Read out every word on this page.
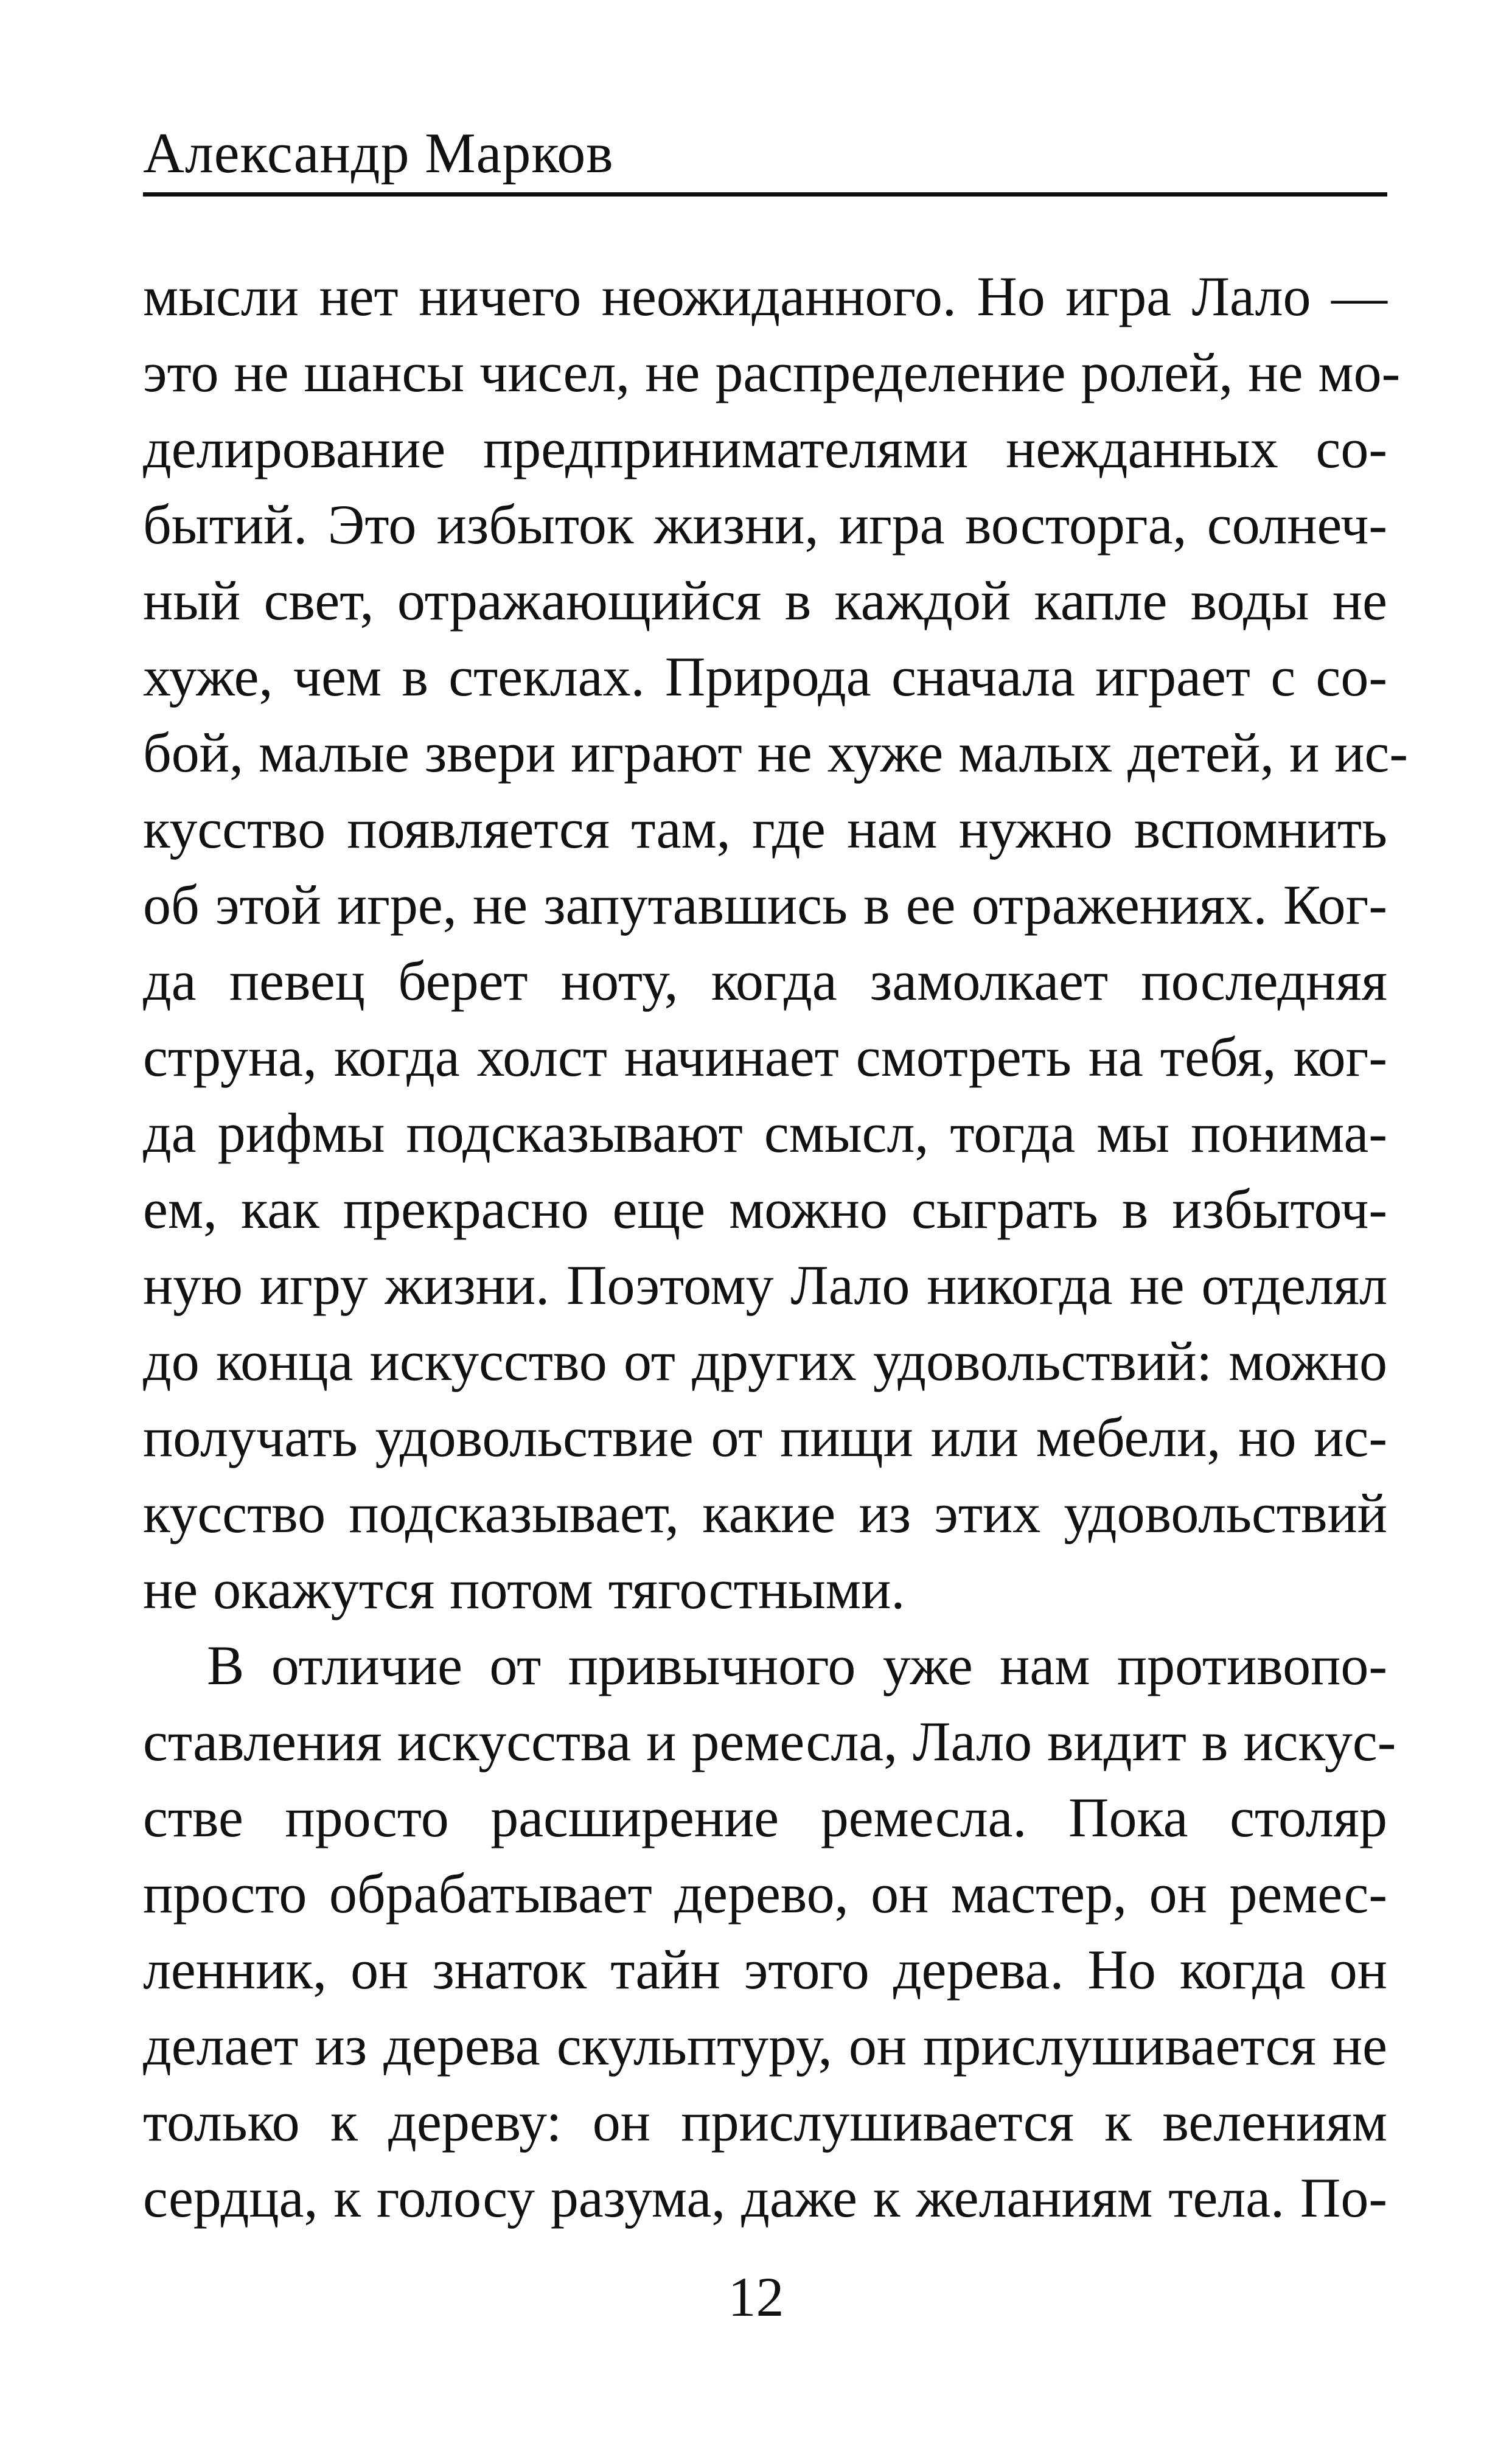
Александр Марков
мысли нет ничего неожиданного. Но игра Лало —
это не шансы чисел, не распределение ролей, не мо-
делирование предпринимателями нежданных со-
бытий. Это избыток жизни, игра восторга, солнеч-
ный свет, отражающийся в каждой капле воды не
хуже, чем в стеклах. Природа сначала играет с со-
бой, малые звери играют не хуже малых детей, и ис-
кусство появляется там, где нам нужно вспомнить
об этой игре, не запутавшись в ее отражениях. Ког-
да певец берет ноту, когда замолкает последняя
струна, когда холст начинает смотреть на тебя, ког-
да рифмы подсказывают смысл, тогда мы понима-
ем, как прекрасно еще можно сыграть в избыточ-
ную игру жизни. Поэтому Лало никогда не отделял
до конца искусство от других удовольствий: можно
получать удовольствие от пищи или мебели, но ис-
кусство подсказывает, какие из этих удовольствий
не окажутся потом тягостными.
В отличие от привычного уже нам противопо-
ставления искусства и ремесла, Лало видит в искус-
стве просто расширение ремесла. Пока столяр
просто обрабатывает дерево, он мастер, он ремес-
ленник, он знаток тайн этого дерева. Но когда он
делает из дерева скульптуру, он прислушивается не
только к дереву: он прислушивается к велениям
сердца, к голосу разума, даже к желаниям тела. По-
12
